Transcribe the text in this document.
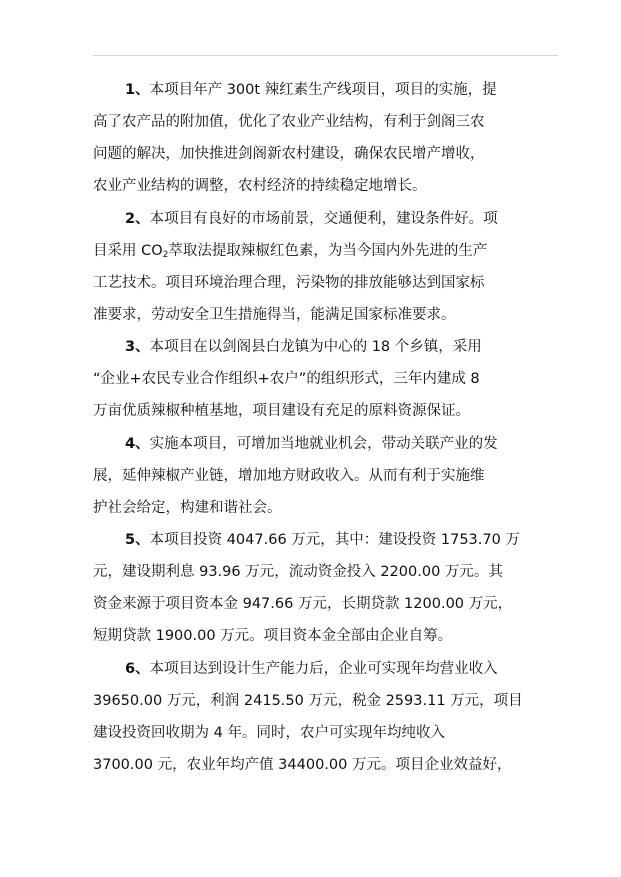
1、本项目年产 300t 辣红素生产线项目，项目的实施，提
高了农产品的附加值，优化了农业产业结构，有利于剑阁三农
问题的解决，加快推进剑阁新农村建设，确保农民增产增收，
农业产业结构的调整，农村经济的持续稳定地增长。
2、本项目有良好的市场前景，交通便利，建设条件好。项
目采用 $CO_2$萃取法提取辣椒红色素，为当今国内外先进的生产
工艺技术。项目环境治理合理，污染物的排放能够达到国家标
准要求，劳动安全卫生措施得当，能满足国家标准要求。
3、本项目在以剑阁县白龙镇为中心的 18 个乡镇，采用
“企业+农民专业合作组织+农户”的组织形式，三年内建成 8
万亩优质辣椒种植基地，项目建设有充足的原料资源保证。
4、实施本项目，可增加当地就业机会，带动关联产业的发
展，延伸辣椒产业链，增加地方财政收入。从而有利于实施维
护社会给定，构建和谐社会。
5、本项目投资 4047.66 万元，其中：建设投资 1753.70 万
元，建设期利息 93.96 万元，流动资金投入 2200.00 万元。其
资金来源于项目资本金 947.66 万元，长期贷款 1200.00 万元，
短期贷款 1900.00 万元。项目资本金全部由企业自筹。
6、本项目达到设计生产能力后，企业可实现年均营业收入
39650.00 万元，利润 2415.50 万元，税金 2593.11 万元，项目
建设投资回收期为 4 年。同时，农户可实现年均纯收入
3700.00 元，农业年均产值 34400.00 万元。项目企业效益好，
